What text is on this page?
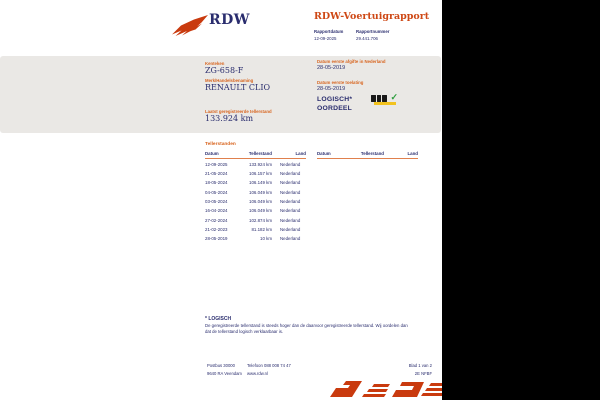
RDW	RDW-Voertuigrapport
Rapportdatum
12-09-2025
Rapportnummer
29.441.706
Kenteken
ZG-658-F
Merk/Handelsbenaming
RENAULT CLIO
Laatst geregistreerde tellerstand
133.924 km
Datum eerste afgifte in Nederland
28-05-2019
Datum eerste toelating
28-05-2019
LOGISCH*
OORDEEL
✓
Tellerstanden
Datum	Tellerstand	Land
12-09-2025	133.924 km Nederland
21-05-2024	106.157 km Nederland
18-05-2024	106.149 km Nederland
04-05-2024	106.049 km Nederland
03-05-2024	106.049 km Nederland
16-04-2024	106.049 km Nederland
27-02-2024	102.874 km Nederland
21-02-2023	81.182 km Nederland
28-05-2019	10 km Nederland
Datum	Tellerstand	Land
* LOGISCH
De geregistreerde tellerstand is steeds hoger dan de daarvoor geregistreerde tellerstand. Wij oordelen dan
dat de tellerstand logisch verklaarbaar is.
Postbus 30000
9640 RA Veendam
Telefoon 088 008 74 47
www.rdw.nl
Blad 1 van 2
2E NFBF
